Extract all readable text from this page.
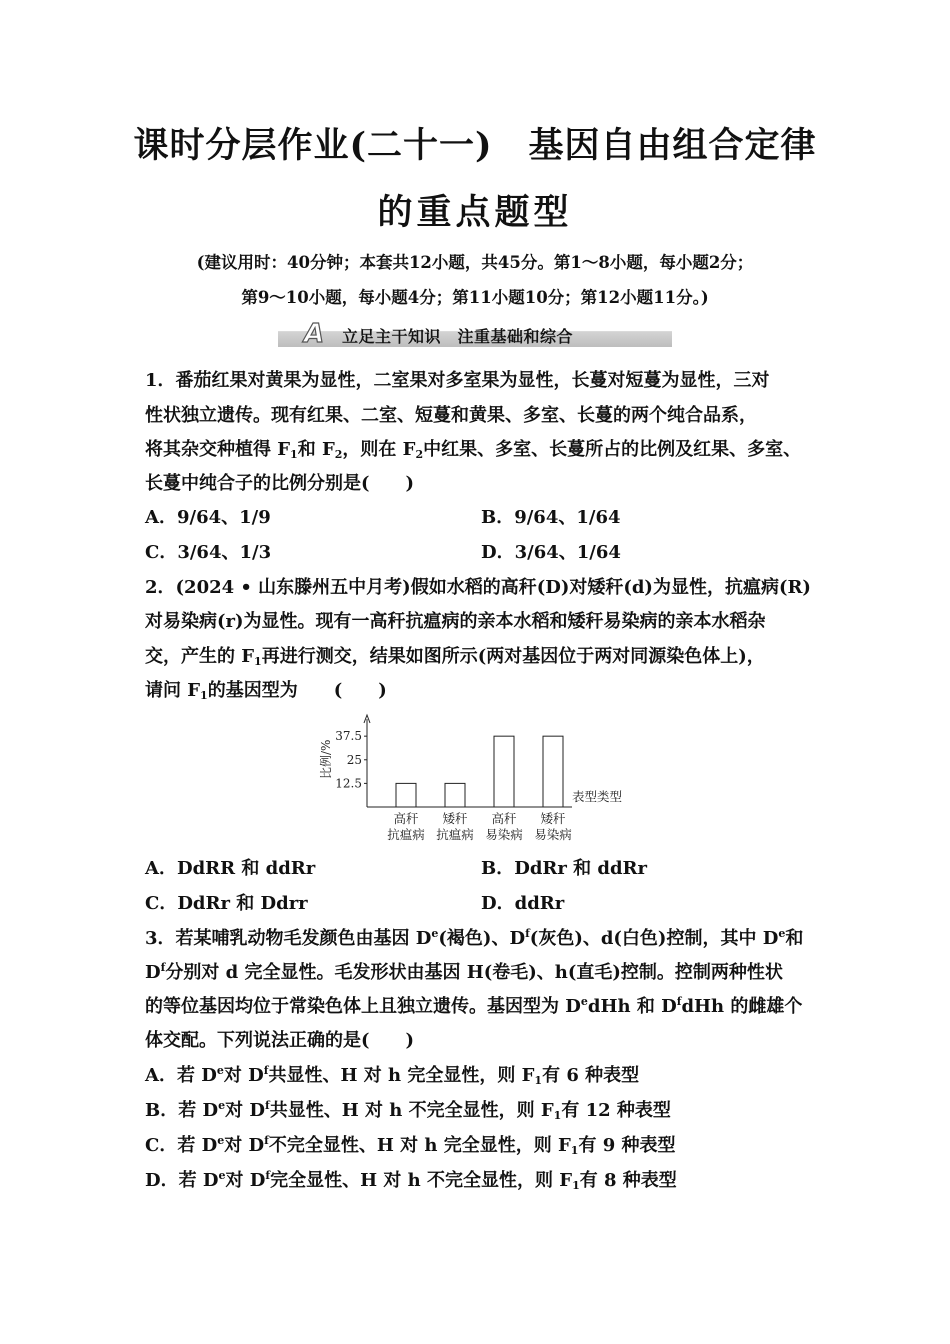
课时分层作业(二十一)　基因自由组合定律
的重点题型
(建议用时：40分钟；本套共12小题，共45分。第1～8小题，每小题2分；
第9～10小题，每小题4分；第11小题10分；第12小题11分。)
A 立足主干知识　注重基础和综合
1．番茄红果对黄果为显性，二室果对多室果为显性，长蔓对短蔓为显性，三对
性状独立遗传。现有红果、二室、短蔓和黄果、多室、长蔓的两个纯合品系，
将其杂交种植得 $F_1$和 $F_2$，则在 $F_2$中红果、多室、长蔓所占的比例及红果、多室、
长蔓中纯合子的比例分别是(　　)
A．9/64、1/9	B．9/64、1/64
C．3/64、1/3	D．3/64、1/64
2．(2024 • 山东滕州五中月考)假如水稻的高秆(D)对矮秆(d)为显性，抗瘟病(R)
对易染病(r)为显性。现有一高秆抗瘟病的亲本水稻和矮秆易染病的亲本水稻杂
交，产生的 $F_1$再进行测交，结果如图所示(两对基因位于两对同源染色体上)，
请问 $F_1$的基因型为　　(　　)
12.5
25
37.5
比例/%
高秆
抗瘟病
矮秆
抗瘟病
高秆
易染病
矮秆
易染病
表型类型
A．DdRR 和 ddRr	B．DdRr 和 ddRr
C．DdRr 和 Ddrr	D．ddRr
3．若某哺乳动物毛发颜色由基因 De(褐色)、$D^f$(灰色)、d(白色)控制，其中 De和
$D^f$分别对 d 完全显性。毛发形状由基因 H(卷毛)、h(直毛)控制。控制两种性状
的等位基因均位于常染色体上且独立遗传。基因型为 DedHh 和 $D^fdHh$ 的雌雄个
体交配。下列说法正确的是(　　)
A．若 De对 $D^f$共显性、H 对 h 完全显性，则 $F_1$有 6 种表型
B．若 De对 $D^f$共显性、H 对 h 不完全显性，则 $F_1$有 12 种表型
C．若 De对 $D^f$不完全显性、H 对 h 完全显性，则 $F_1$有 9 种表型
D．若 De对 $D^f$完全显性、H 对 h 不完全显性，则 $F_1$有 8 种表型
